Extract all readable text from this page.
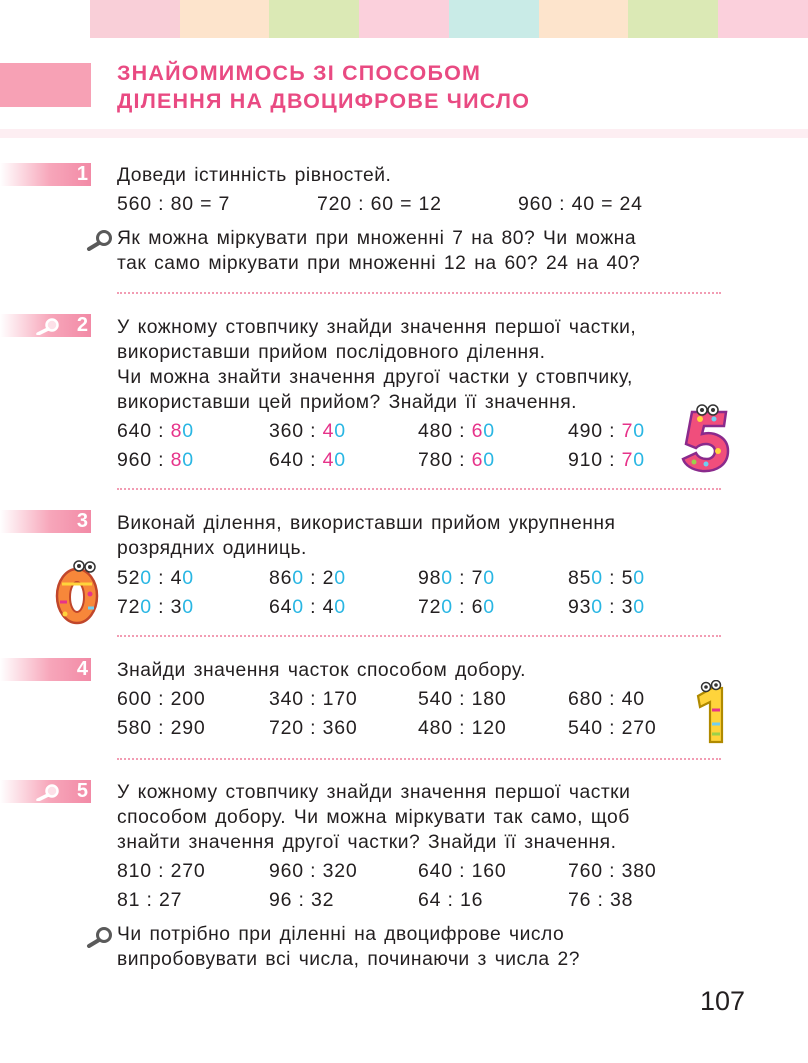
ЗНАЙОМИМОСЬ ЗІ СПОСОБОМ
ДІЛЕННЯ НА ДВОЦИФРОВЕ ЧИСЛО
1 Доведи істинність рівностей.
560 : 80 = 7	720 : 60 = 12	960 : 40 = 24
Як можна міркувати при множенні 7 на 80? Чи можна
так само міркувати при множенні 12 на 60? 24 на 40?
2 У кожному стовпчику знайди значення першої частки,
використавши прийом послідовного ділення.
Чи можна знайти значення другої частки у стовпчику,
використавши цей прийом? Знайди її значення.
640 : 80	360 : 40	480 : 60	490 : 70
960 : 80	640 : 40	780 : 60	910 : 70
3 Виконай ділення, використавши прийом укрупнення
розрядних одиниць.
520 : 40	860 : 20	980 : 70	850 : 50
720 : 30	640 : 40	720 : 60	930 : 30
4 Знайди значення часток способом добору.
600 : 200	340 : 170	540 : 180	680 : 40
580 : 290	720 : 360	480 : 120	540 : 270
5 У кожному стовпчику знайди значення першої частки
способом добору. Чи можна міркувати так само, щоб
знайти значення другої частки? Знайди її значення.
810 : 270	960 : 320	640 : 160	760 : 380
81 : 27	96 : 32	64 : 16	76 : 38
Чи потрібно при діленні на двоцифрове число
випробовувати всі числа, починаючи з числа 2?
107
